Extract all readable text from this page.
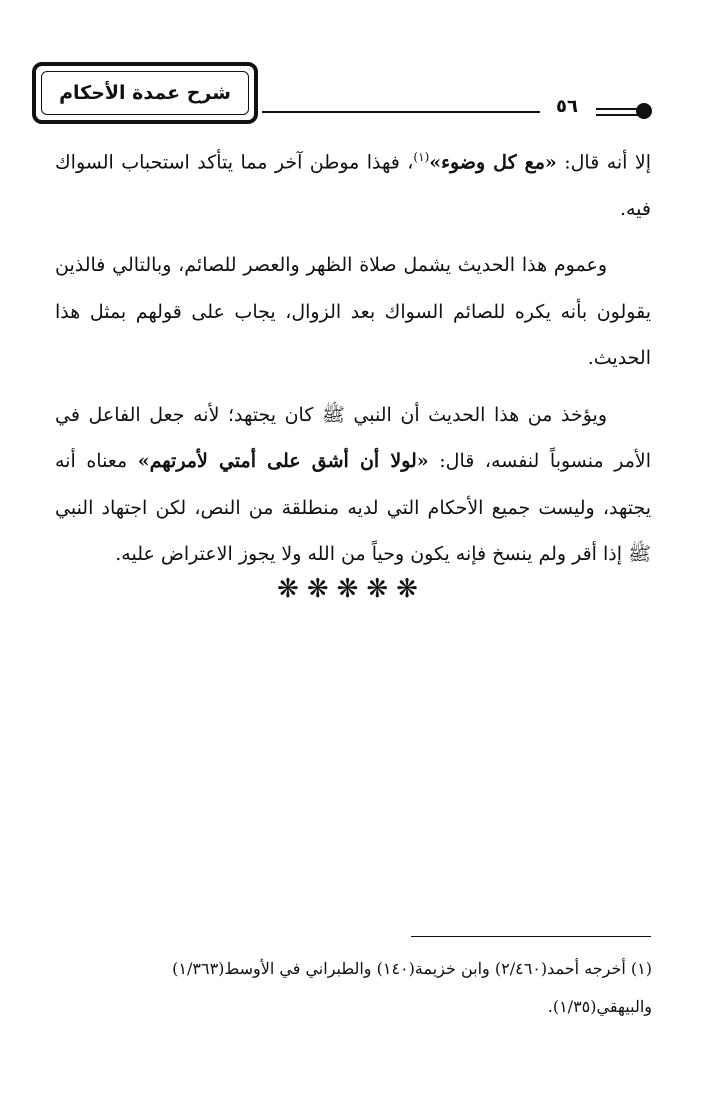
شرح عمدة الأحكام
٥٦

إلا أنه قال: «مع كل وضوء»$^{(١)}$، فهذا موطن آخر مما يتأكد استحباب السواك فيه.

وعموم هذا الحديث يشمل صلاة الظهر والعصر للصائم، وبالتالي فالذين يقولون بأنه يكره للصائم السواك بعد الزوال، يجاب على قولهم بمثل هذا الحديث.

ويؤخذ من هذا الحديث أن النبي ﷺ كان يجتهد؛ لأنه جعل الفاعل في الأمر منسوباً لنفسه، قال: «لولا أن أشق على أمتي لأمرتهم» معناه أنه يجتهد، وليست جميع الأحكام التي لديه منطلقة من النص، لكن اجتهاد النبي ﷺ إذا أقر ولم ينسخ فإنه يكون وحياً من الله ولا يجوز الاعتراض عليه.

❋❋❋❋❋

(١) أخرجه أحمد(٢/٤٦٠) وابن خزيمة(١٤٠) والطبراني في الأوسط(١/٣٦٣)

والبيهقي(١/٣٥).
